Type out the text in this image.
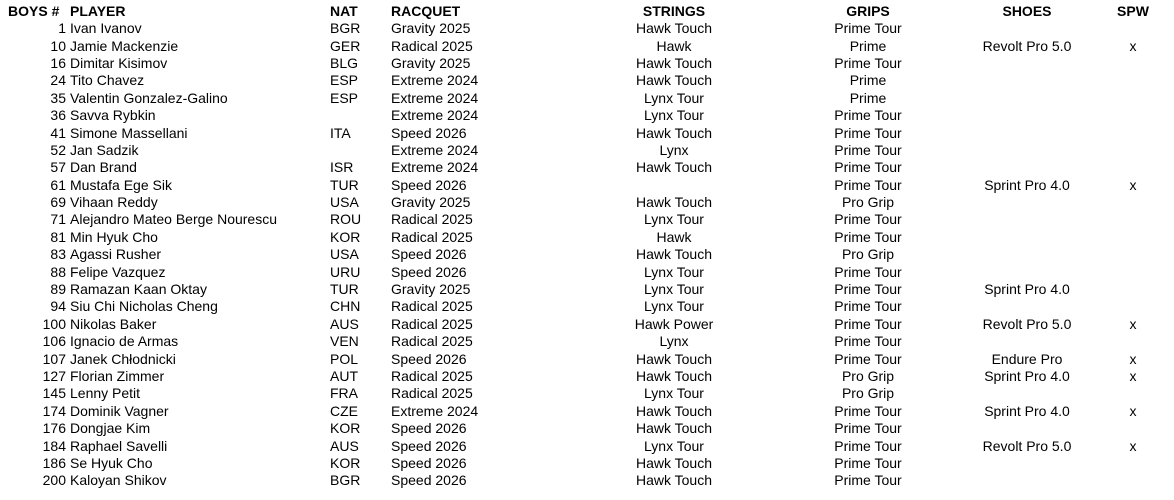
BOYS #	PLAYER	NAT	RACQUET	STRINGS	GRIPS	SHOES	SPW
1	Ivan Ivanov	BGR	Gravity 2025	Hawk Touch	Prime Tour		
10	Jamie Mackenzie	GER	Radical 2025	Hawk	Prime	Revolt Pro 5.0	x
16	Dimitar Kisimov	BLG	Gravity 2025	Hawk Touch	Prime Tour		
24	Tito Chavez	ESP	Extreme 2024	Hawk Touch	Prime		
35	Valentin Gonzalez-Galino	ESP	Extreme 2024	Lynx Tour	Prime		
36	Savva Rybkin		Extreme 2024	Lynx Tour	Prime Tour		
41	Simone Massellani	ITA	Speed 2026	Hawk Touch	Prime Tour		
52	Jan Sadzik		Extreme 2024	Lynx	Prime Tour		
57	Dan Brand	ISR	Extreme 2024	Hawk Touch	Prime Tour		
61	Mustafa Ege Sik	TUR	Speed 2026		Prime Tour	Sprint Pro 4.0	x
69	Vihaan Reddy	USA	Gravity 2025	Hawk Touch	Pro Grip		
71	Alejandro Mateo Berge Nourescu	ROU	Radical 2025	Lynx Tour	Prime Tour		
81	Min Hyuk Cho	KOR	Radical 2025	Hawk	Prime Tour		
83	Agassi Rusher	USA	Speed 2026	Hawk Touch	Pro Grip		
88	Felipe Vazquez	URU	Speed 2026	Lynx Tour	Prime Tour		
89	Ramazan Kaan Oktay	TUR	Gravity 2025	Lynx Tour	Prime Tour	Sprint Pro 4.0	
94	Siu Chi Nicholas Cheng	CHN	Radical 2025	Lynx Tour	Prime Tour		
100	Nikolas Baker	AUS	Radical 2025	Hawk Power	Prime Tour	Revolt Pro 5.0	x
106	Ignacio de Armas	VEN	Radical 2025	Lynx	Prime Tour		
107	Janek Chłodnicki	POL	Speed 2026	Hawk Touch	Prime Tour	Endure Pro	x
127	Florian Zimmer	AUT	Radical 2025	Hawk Touch	Pro Grip	Sprint Pro 4.0	x
145	Lenny Petit	FRA	Radical 2025	Lynx Tour	Pro Grip		
174	Dominik Vagner	CZE	Extreme 2024	Hawk Touch	Prime Tour	Sprint Pro 4.0	x
176	Dongjae Kim	KOR	Speed 2026	Hawk Touch	Prime Tour		
184	Raphael Savelli	AUS	Speed 2026	Lynx Tour	Prime Tour	Revolt Pro 5.0	x
186	Se Hyuk Cho	KOR	Speed 2026	Hawk Touch	Prime Tour		
200	Kaloyan Shikov	BGR	Speed 2026	Hawk Touch	Prime Tour		
